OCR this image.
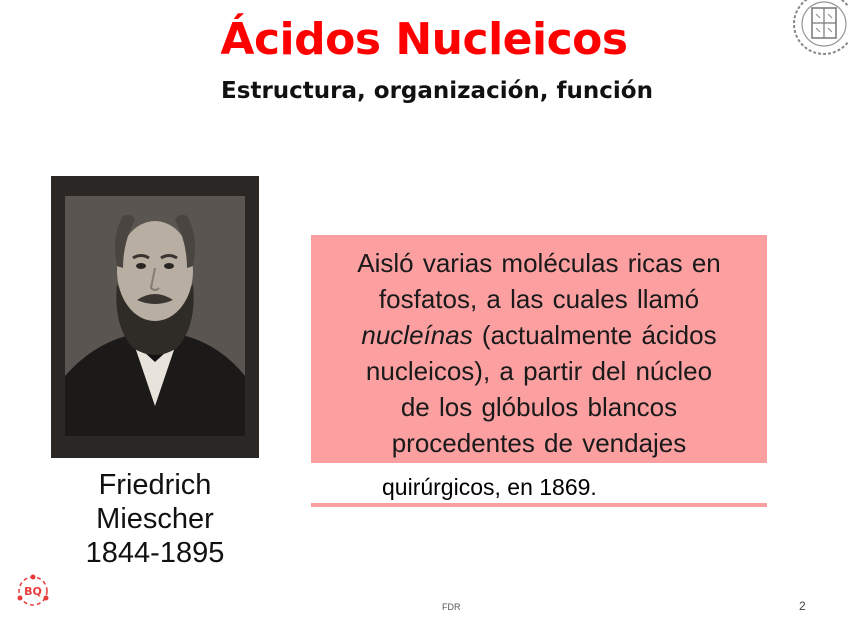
Ácidos Nucleicos
Estructura, organización, función
Friedrich
Miescher
1844-1895
Aisló varias moléculas ricas en
fosfatos, a las cuales llamó
nucleínas (actualmente ácidos
nucleicos), a partir del núcleo
de los glóbulos blancos
procedentes de vendajes
quirúrgicos, en 1869.
BQ
FDR	2
